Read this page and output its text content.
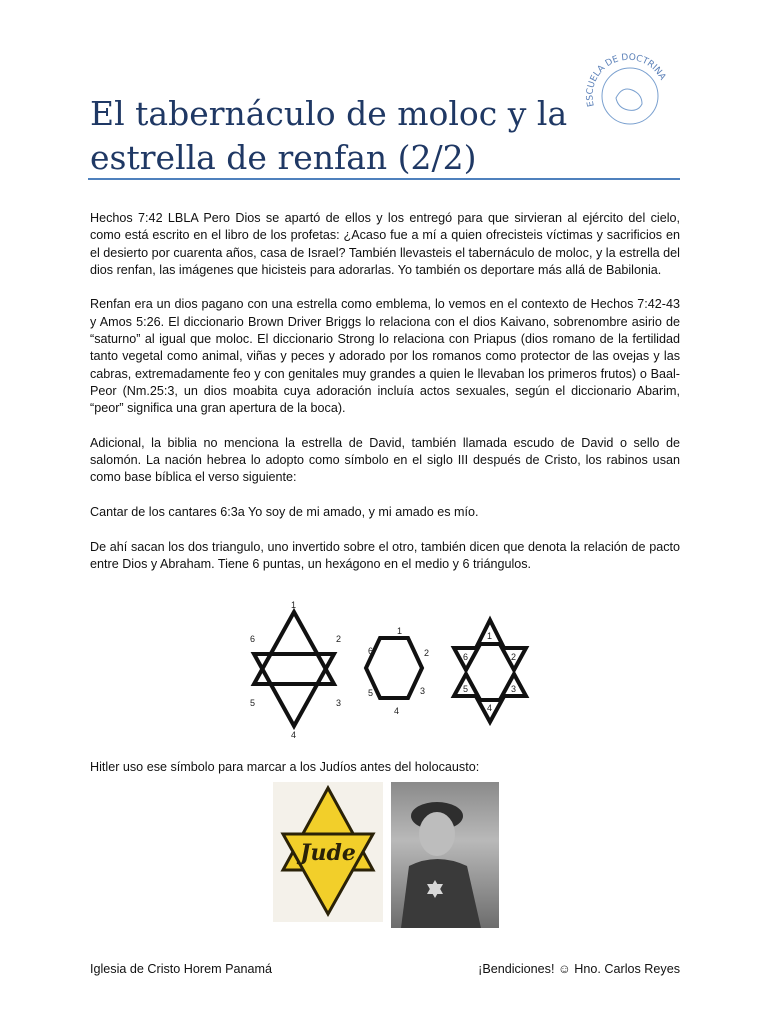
ESCUELA DE DOCTRINA
El tabernáculo de moloc y la estrella de renfan (2/2)

Hechos 7:42 LBLA Pero Dios se apartó de ellos y los entregó para que sirvieran al ejército del cielo, como está escrito en el libro de los profetas: ¿Acaso fue a mí a quien ofrecisteis víctimas y sacrificios en el desierto por cuarenta años, casa de Israel? También llevasteis el tabernáculo de moloc, y la estrella del dios renfan, las imágenes que hicisteis para adorarlas. Yo también os deportare más allá de Babilonia.

Renfan era un dios pagano con una estrella como emblema, lo vemos en el contexto de Hechos 7:42-43 y Amos 5:26. El diccionario Brown Driver Briggs lo relaciona con el dios Kaivano, sobrenombre asirio de “saturno” al igual que moloc. El diccionario Strong lo relaciona con Priapus (dios romano de la fertilidad tanto vegetal como animal, viñas y peces y adorado por los romanos como protector de las ovejas y las cabras, extremadamente feo y con genitales muy grandes a quien le llevaban los primeros frutos) o Baal-Peor (Nm.25:3, un dios moabita cuya adoración incluía actos sexuales, según el diccionario Abarim, “peor” significa una gran apertura de la boca).

Adicional, la biblia no menciona la estrella de David, también llamada escudo de David o sello de salomón. La nación hebrea lo adopto como símbolo en el siglo III después de Cristo, los rabinos usan como base bíblica el verso siguiente:

Cantar de los cantares 6:3a Yo soy de mi amado, y mi amado es mío.

De ahí sacan los dos triangulo, uno invertido sobre el otro, también dicen que denota la relación de pacto entre Dios y Abraham. Tiene 6 puntas, un hexágono en el medio y 6 triángulos.

1
2
3
4
5
6
1
2
3
4
5
6
1
2
3
4
5
6
Hitler uso ese símbolo para marcar a los Judíos antes del holocausto:
Jude
Iglesia de Cristo Horem Panamá	¡Bendiciones! ☺ Hno. Carlos Reyes
